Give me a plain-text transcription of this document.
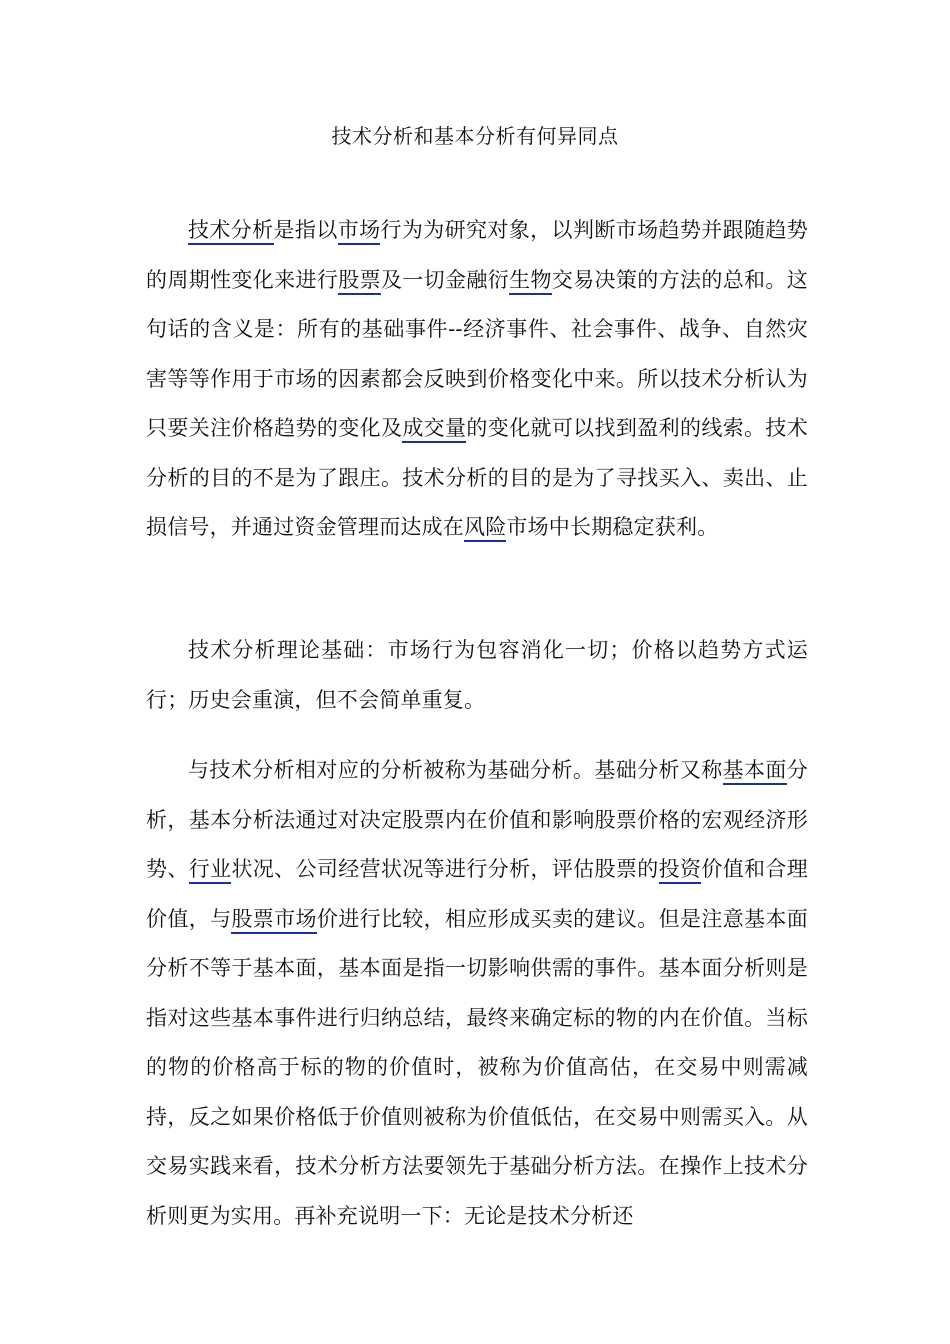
技术分析和基本分析有何异同点

技术分析是指以市场行为为研究对象，以判断市场趋势并跟随趋势的周期性变化来进行股票及一切金融衍生物交易决策的方法的总和。这句话的含义是：所有的基础事件--经济事件、社会事件、战争、自然灾害等等作用于市场的因素都会反映到价格变化中来。所以技术分析认为只要关注价格趋势的变化及成交量的变化就可以找到盈利的线索。技术分析的目的不是为了跟庄。技术分析的目的是为了寻找买入、卖出、止损信号，并通过资金管理而达成在风险市场中长期稳定获利。

技术分析理论基础：市场行为包容消化一切；价格以趋势方式运行；历史会重演，但不会简单重复。

与技术分析相对应的分析被称为基础分析。基础分析又称基本面分析，基本分析法通过对决定股票内在价值和影响股票价格的宏观经济形势、行业状况、公司经营状况等进行分析，评估股票的投资价值和合理价值，与股票市场价进行比较，相应形成买卖的建议。但是注意基本面分析不等于基本面，基本面是指一切影响供需的事件。基本面分析则是指对这些基本事件进行归纳总结，最终来确定标的物的内在价值。当标的物的价格高于标的物的价值时，被称为价值高估，在交易中则需减持，反之如果价格低于价值则被称为价值低估，在交易中则需买入。从交易实践来看，技术分析方法要领先于基础分析方法。在操作上技术分析则更为实用。再补充说明一下：无论是技术分析还
